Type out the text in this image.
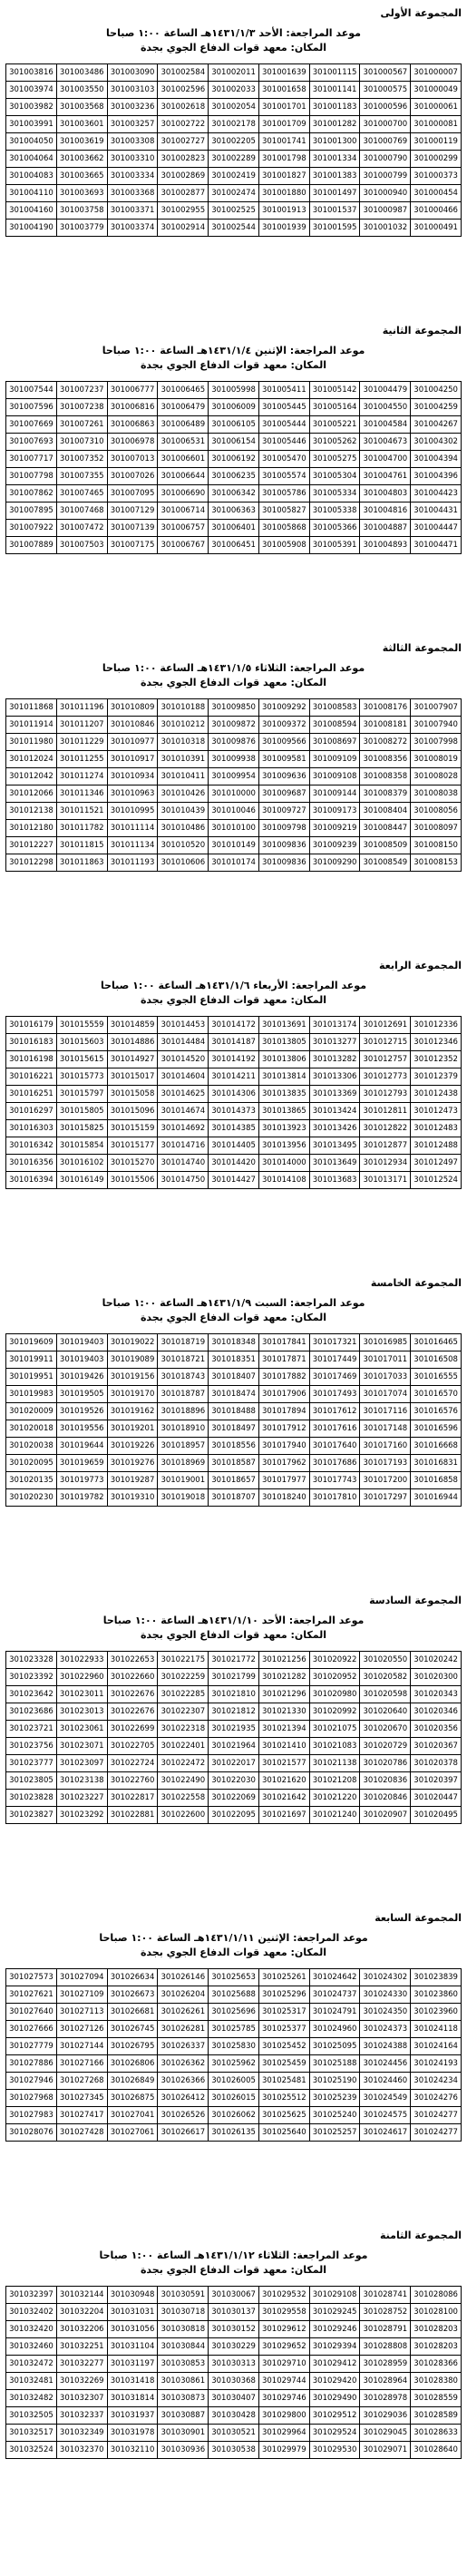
المجموعة الأولى
موعد المراجعة: الأحد ١٤٣١/١/٣هـ الساعة ١:٠٠ صباحا
المكان: معهد قوات الدفاع الجوي بجدة
301000007	301000567	301001115	301001639	301002011	301002584	301003090	301003486	301003816
301000049	301000575	301001141	301001658	301002033	301002596	301003103	301003550	301003974
301000061	301000596	301001183	301001701	301002054	301002618	301003236	301003568	301003982
301000081	301000700	301001282	301001709	301002178	301002722	301003257	301003601	301003991
301000119	301000769	301001300	301001741	301002205	301002727	301003308	301003619	301004050
301000299	301000790	301001334	301001798	301002289	301002823	301003310	301003662	301004064
301000373	301000799	301001383	301001827	301002419	301002869	301003334	301003665	301004083
301000454	301000940	301001497	301001880	301002474	301002877	301003368	301003693	301004110
301000466	301000987	301001537	301001913	301002525	301002955	301003371	301003758	301004160
301000491	301001032	301001595	301001939	301002544	301002914	301003374	301003779	301004190
المجموعة الثانية
موعد المراجعة: الإثنين ١٤٣١/١/٤هـ الساعة ١:٠٠ صباحا
المكان: معهد قوات الدفاع الجوي بجدة
301004250	301004479	301005142	301005411	301005998	301006465	301006777	301007237	301007544
301004259	301004550	301005164	301005445	301006009	301006479	301006816	301007238	301007596
301004267	301004584	301005221	301005444	301006105	301006489	301006863	301007261	301007669
301004302	301004673	301005262	301005446	301006154	301006531	301006978	301007310	301007693
301004394	301004700	301005275	301005470	301006192	301006601	301007013	301007352	301007717
301004396	301004761	301005304	301005574	301006235	301006644	301007026	301007355	301007798
301004423	301004803	301005334	301005786	301006342	301006690	301007095	301007465	301007862
301004431	301004816	301005338	301005827	301006363	301006714	301007129	301007468	301007895
301004447	301004887	301005366	301005868	301006401	301006757	301007139	301007472	301007922
301004471	301004893	301005391	301005908	301006451	301006767	301007175	301007503	301007889
المجموعة الثالثة
موعد المراجعة: الثلاثاء ١٤٣١/١/٥هـ الساعة ١:٠٠ صباحا
المكان: معهد قوات الدفاع الجوي بجدة
301007907	301008176	301008583	301009292	301009850	301010188	301010809	301011196	301011868
301007940	301008181	301008594	301009372	301009872	301010212	301010846	301011207	301011914
301007998	301008272	301008697	301009566	301009876	301010318	301010977	301011229	301011980
301008019	301008356	301009109	301009581	301009938	301010391	301010917	301011255	301012024
301008028	301008358	301009108	301009636	301009954	301010411	301010934	301011274	301012042
301008038	301008379	301009144	301009687	301010000	301010426	301010963	301011346	301012066
301008056	301008404	301009173	301009727	301010046	301010439	301010995	301011521	301012138
301008097	301008447	301009219	301009798	301010100	301010486	301011114	301011782	301012180
301008150	301008509	301009239	301009836	301010149	301010520	301011134	301011815	301012227
301008153	301008549	301009290	301009836	301010174	301010606	301011193	301011863	301012298
المجموعة الرابعة
موعد المراجعة: الأربعاء ١٤٣١/١/٦هـ الساعة ١:٠٠ صباحا
المكان: معهد قوات الدفاع الجوي بجدة
301012336	301012691	301013174	301013691	301014172	301014453	301014859	301015559	301016179
301012346	301012715	301013277	301013805	301014187	301014484	301014886	301015603	301016183
301012352	301012757	301013282	301013806	301014192	301014520	301014927	301015615	301016198
301012379	301012773	301013306	301013814	301014211	301014604	301015017	301015773	301016221
301012438	301012793	301013369	301013835	301014306	301014625	301015058	301015797	301016251
301012473	301012811	301013424	301013865	301014373	301014674	301015096	301015805	301016297
301012483	301012822	301013426	301013923	301014385	301014692	301015159	301015825	301016303
301012488	301012877	301013495	301013956	301014405	301014716	301015177	301015854	301016342
301012497	301012934	301013649	301014000	301014420	301014740	301015270	301016102	301016356
301012524	301013171	301013683	301014108	301014427	301014750	301015506	301016149	301016394
المجموعة الخامسة
موعد المراجعة: السبت ١٤٣١/١/٩هـ الساعة ١:٠٠ صباحا
المكان: معهد قوات الدفاع الجوي بجدة
301016465	301016985	301017321	301017841	301018348	301018719	301019022	301019403	301019609
301016508	301017011	301017449	301017871	301018351	301018721	301019089	301019403	301019911
301016555	301017033	301017469	301017882	301018407	301018743	301019156	301019426	301019951
301016570	301017074	301017493	301017906	301018474	301018787	301019170	301019505	301019983
301016576	301017116	301017612	301017894	301018488	301018896	301019162	301019526	301020009
301016596	301017148	301017616	301017912	301018497	301018910	301019201	301019556	301020018
301016668	301017160	301017640	301017940	301018556	301018957	301019226	301019644	301020038
301016831	301017193	301017686	301017962	301018587	301018969	301019276	301019659	301020095
301016858	301017200	301017743	301017977	301018657	301019001	301019287	301019773	301020135
301016944	301017297	301017810	301018240	301018707	301019018	301019310	301019782	301020230
المجموعة السادسة
موعد المراجعة: الأحد ١٤٣١/١/١٠هـ الساعة ١:٠٠ صباحا
المكان: معهد قوات الدفاع الجوي بجدة
301020242	301020550	301020922	301021256	301021772	301022175	301022653	301022933	301023328
301020300	301020582	301020952	301021282	301021799	301022259	301022660	301022960	301023392
301020343	301020598	301020980	301021296	301021810	301022285	301022676	301023011	301023642
301020346	301020640	301020992	301021330	301021812	301022307	301022676	301023013	301023686
301020356	301020670	301021075	301021394	301021935	301022318	301022699	301023061	301023721
301020367	301020729	301021083	301021410	301021964	301022401	301022705	301023071	301023756
301020378	301020786	301021138	301021577	301022017	301022472	301022724	301023097	301023777
301020397	301020836	301021208	301021620	301022030	301022490	301022760	301023138	301023805
301020447	301020846	301021220	301021642	301022069	301022558	301022817	301023227	301023828
301020495	301020907	301021240	301021697	301022095	301022600	301022881	301023292	301023827
المجموعة السابعة
موعد المراجعة: الإثنين ١٤٣١/١/١١هـ الساعة ١:٠٠ صباحا
المكان: معهد قوات الدفاع الجوي بجدة
301023839	301024302	301024642	301025261	301025653	301026146	301026634	301027094	301027573
301023860	301024330	301024737	301025296	301025688	301026204	301026673	301027109	301027621
301023960	301024350	301024791	301025317	301025696	301026261	301026681	301027113	301027640
301024118	301024373	301024960	301025377	301025785	301026281	301026745	301027126	301027666
301024164	301024388	301025095	301025452	301025830	301026337	301026795	301027144	301027779
301024193	301024456	301025188	301025459	301025962	301026362	301026806	301027166	301027886
301024234	301024460	301025190	301025481	301026005	301026366	301026849	301027268	301027946
301024276	301024549	301025239	301025512	301026015	301026412	301026875	301027345	301027968
301024277	301024575	301025240	301025625	301026062	301026526	301027041	301027417	301027983
301024277	301024617	301025257	301025640	301026135	301026617	301027061	301027428	301028076
المجموعة الثامنة
موعد المراجعة: الثلاثاء ١٤٣١/١/١٢هـ الساعة ١:٠٠ صباحا
المكان: معهد قوات الدفاع الجوي بجدة
301028086	301028741	301029108	301029532	301030067	301030591	301030948	301032144	301032397
301028100	301028752	301029245	301029558	301030137	301030718	301031031	301032204	301032402
301028203	301028791	301029246	301029612	301030152	301030818	301031056	301032206	301032420
301028203	301028808	301029394	301029652	301030229	301030844	301031104	301032251	301032460
301028366	301028959	301029412	301029710	301030313	301030853	301031197	301032277	301032472
301028380	301028964	301029420	301029744	301030368	301030861	301031418	301032269	301032481
301028559	301028978	301029490	301029746	301030407	301030873	301031814	301032307	301032482
301028589	301029036	301029512	301029800	301030428	301030887	301031937	301032337	301032505
301028633	301029045	301029524	301029964	301030521	301030901	301031978	301032349	301032517
301028640	301029071	301029530	301029979	301030538	301030936	301032110	301032370	301032524
